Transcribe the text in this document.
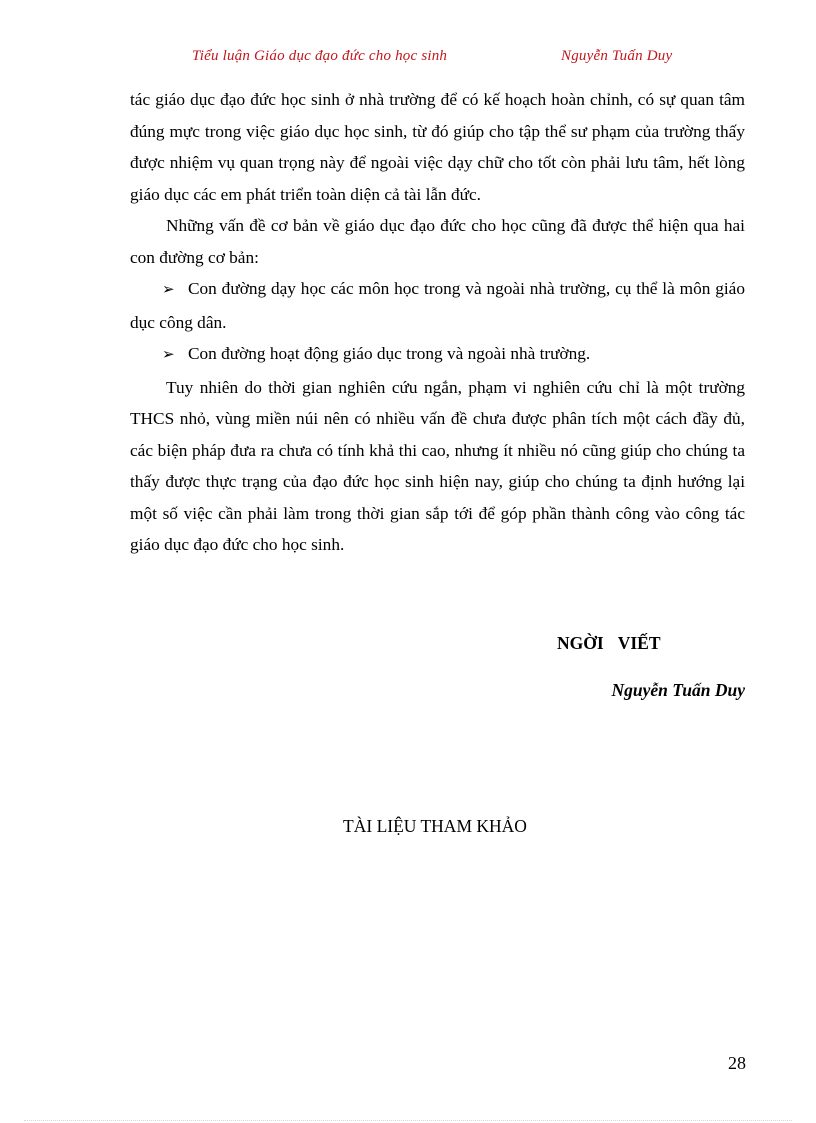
Tiểu luận Giáo dục đạo đức cho học sinh	Nguyễn Tuấn Duy

tác giáo dục đạo đức học sinh ở nhà trường để có kế hoạch hoàn chỉnh, có sự quan tâm đúng mực trong việc giáo dục học sinh, từ đó giúp cho tập thể sư phạm của trường thấy được nhiệm vụ quan trọng này để ngoài việc dạy chữ cho tốt còn phải lưu tâm, hết lòng giáo dục các em phát triển toàn diện cả tài lẫn đức.

Những vấn đề cơ bản về giáo dục đạo đức cho học cũng đã được thể hiện qua hai con đường cơ bản:

➢ Con đường dạy học các môn học trong và ngoài nhà trường, cụ thể là môn giáo dục công dân.

➢ Con đường hoạt động giáo dục trong và ngoài nhà trường.

Tuy nhiên do thời gian nghiên cứu ngắn, phạm vi nghiên cứu chỉ là một trường THCS nhỏ, vùng miền núi nên có nhiều vấn đề chưa được phân tích một cách đầy đủ, các biện pháp đưa ra chưa có tính khả thi cao, nhưng ít nhiều nó cũng giúp cho chúng ta thấy được thực trạng của đạo đức học sinh hiện nay, giúp cho chúng ta định hướng lại một số việc cần phải làm trong thời gian sắp tới để góp phần thành công vào công tác giáo dục đạo đức cho học sinh.

NGỜI VIẾT
Nguyễn Tuấn Duy
TÀI LIỆU THAM KHẢO
28
